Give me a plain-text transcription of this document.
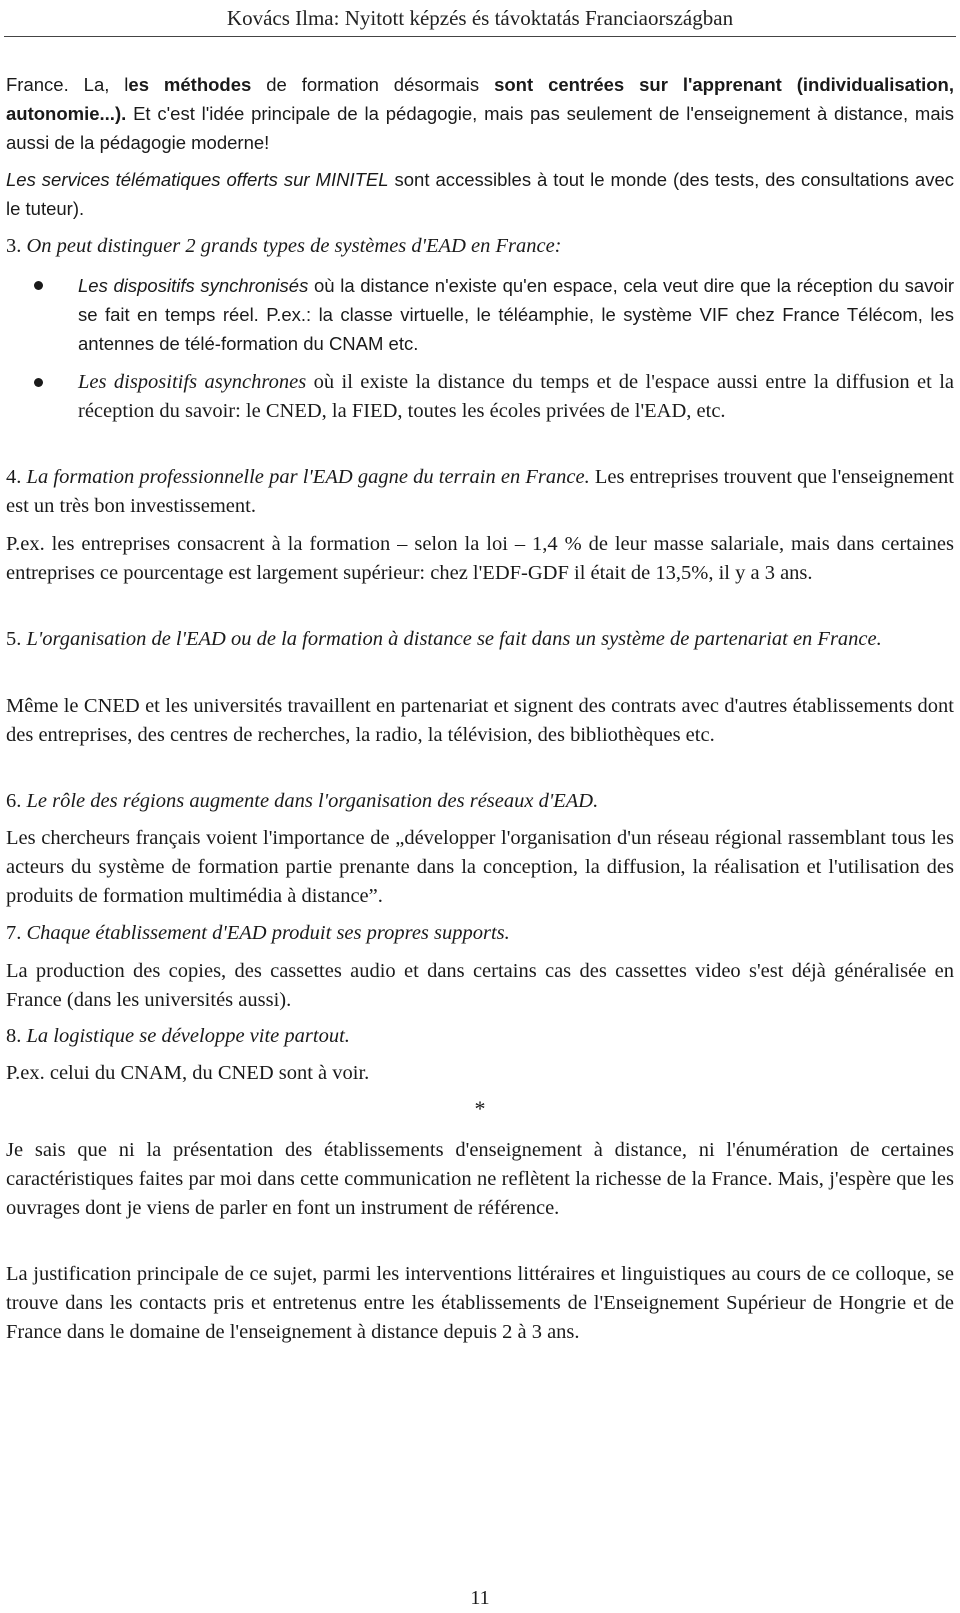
Kovács Ilma: Nyitott képzés és távoktatás Franciaországban

France. La, les méthodes de formation désormais sont centrées sur l'apprenant (individualisation, autonomie...). Et c'est l'idée principale de la pédagogie, mais pas seulement de l'enseignement à distance, mais aussi de la pédagogie moderne!

Les services télématiques offerts sur MINITEL sont accessibles à tout le monde (des tests, des consultations avec le tuteur).

3. On peut distinguer 2 grands types de systèmes d'EAD en France:

Les dispositifs synchronisés où la distance n'existe qu'en espace, cela veut dire que la réception du savoir se fait en temps réel. P.ex.: la classe virtuelle, le téléamphie, le système VIF chez France Télécom, les antennes de télé-formation du CNAM etc.

Les dispositifs asynchrones où il existe la distance du temps et de l'espace aussi entre la diffusion et la réception du savoir: le CNED, la FIED, toutes les écoles privées de l'EAD, etc.

4. La formation professionnelle par l'EAD gagne du terrain en France. Les entreprises trouvent que l'enseignement est un très bon investissement.

P.ex. les entreprises consacrent à la formation – selon la loi – 1,4 % de leur masse salariale, mais dans certaines entreprises ce pourcentage est largement supérieur: chez l'EDF-GDF il était de 13,5%, il y a 3 ans.

5. L'organisation de l'EAD ou de la formation à distance se fait dans un système de partenariat en France.

Même le CNED et les universités travaillent en partenariat et signent des contrats avec d'autres établissements dont des entreprises, des centres de recherches, la radio, la télévision, des bibliothèques etc.

6. Le rôle des régions augmente dans l'organisation des réseaux d'EAD.

Les chercheurs français voient l'importance de „développer l'organisation d'un réseau régional rassemblant tous les acteurs du système de formation partie prenante dans la conception, la diffusion, la réalisation et l'utilisation des produits de formation multimédia à distance”.

7. Chaque établissement d'EAD produit ses propres supports.

La production des copies, des cassettes audio et dans certains cas des cassettes video s'est déjà généralisée en France (dans les universités aussi).

8. La logistique se développe vite partout.

P.ex. celui du CNAM, du CNED sont à voir.

*

Je sais que ni la présentation des établissements d'enseignement à distance, ni l'énumération de certaines caractéristiques faites par moi dans cette communication ne reflètent la richesse de la France. Mais, j'espère que les ouvrages dont je viens de parler en font un instrument de référence.

La justification principale de ce sujet, parmi les interventions littéraires et linguistiques au cours de ce colloque, se trouve dans les contacts pris et entretenus entre les établissements de l'Enseignement Supérieur de Hongrie et de France dans le domaine de l'enseignement à distance depuis 2 à 3 ans.

11
